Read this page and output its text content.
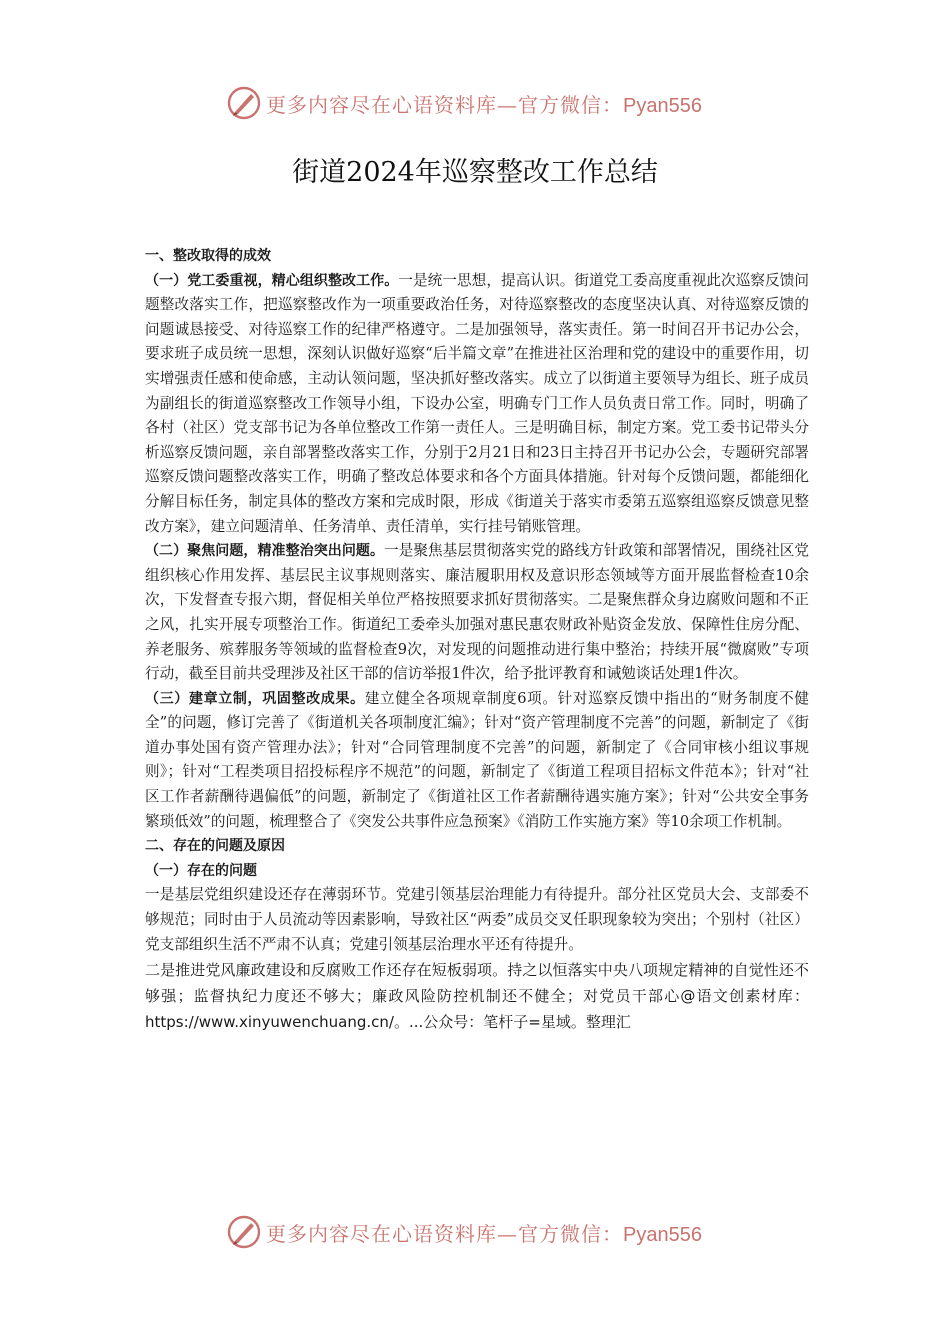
更多内容尽在心语资料库—官方微信：Pyan556
街道2024年巡察整改工作总结

一、整改取得的成效

（一）党工委重视，精心组织整改工作。一是统一思想，提高认识。街道党工委高度重视此次巡察反馈问题整改落实工作，把巡察整改作为一项重要政治任务，对待巡察整改的态度坚决认真、对待巡察反馈的问题诚恳接受、对待巡察工作的纪律严格遵守。二是加强领导，落实责任。第一时间召开书记办公会，要求班子成员统一思想，深刻认识做好巡察“后半篇文章”在推进社区治理和党的建设中的重要作用，切实增强责任感和使命感，主动认领问题，坚决抓好整改落实。成立了以街道主要领导为组长、班子成员为副组长的街道巡察整改工作领导小组，下设办公室，明确专门工作人员负责日常工作。同时，明确了各村（社区）党支部书记为各单位整改工作第一责任人。三是明确目标，制定方案。党工委书记带头分析巡察反馈问题，亲自部署整改落实工作，分别于2月21日和23日主持召开书记办公会，专题研究部署巡察反馈问题整改落实工作，明确了整改总体要求和各个方面具体措施。针对每个反馈问题，都能细化分解目标任务，制定具体的整改方案和完成时限，形成《街道关于落实市委第五巡察组巡察反馈意见整改方案》，建立问题清单、任务清单、责任清单，实行挂号销账管理。

（二）聚焦问题，精准整治突出问题。一是聚焦基层贯彻落实党的路线方针政策和部署情况，围绕社区党组织核心作用发挥、基层民主议事规则落实、廉洁履职用权及意识形态领域等方面开展监督检查10余次，下发督查专报六期，督促相关单位严格按照要求抓好贯彻落实。二是聚焦群众身边腐败问题和不正之风，扎实开展专项整治工作。街道纪工委牵头加强对惠民惠农财政补贴资金发放、保障性住房分配、养老服务、殡葬服务等领域的监督检查9次，对发现的问题推动进行集中整治；持续开展“微腐败”专项行动，截至目前共受理涉及社区干部的信访举报1件次，给予批评教育和诫勉谈话处理1件次。

（三）建章立制，巩固整改成果。建立健全各项规章制度6项。针对巡察反馈中指出的“财务制度不健全”的问题，修订完善了《街道机关各项制度汇编》；针对“资产管理制度不完善”的问题，新制定了《街道办事处国有资产管理办法》；针对“合同管理制度不完善”的问题，新制定了《合同审核小组议事规则》；针对“工程类项目招投标程序不规范”的问题，新制定了《街道工程项目招标文件范本》；针对“社区工作者薪酬待遇偏低”的问题，新制定了《街道社区工作者薪酬待遇实施方案》；针对“公共安全事务繁琐低效”的问题，梳理整合了《突发公共事件应急预案》《消防工作实施方案》等10余项工作机制。

二、存在的问题及原因

（一）存在的问题

一是基层党组织建设还存在薄弱环节。党建引领基层治理能力有待提升。部分社区党员大会、支部委不够规范；同时由于人员流动等因素影响，导致社区“两委”成员交叉任职现象较为突出；个别村（社区）党支部组织生活不严肃不认真；党建引领基层治理水平还有待提升。

二是推进党风廉政建设和反腐败工作还存在短板弱项。持之以恒落实中央八项规定精神的自觉性还不够强；监督执纪力度还不够大；廉政风险防控机制还不健全；对党员干部心@语文创素材库：https://www.xinyuwenchuang.cn/。...公众号：笔杆子=星域。整理汇

更多内容尽在心语资料库—官方微信：Pyan556
